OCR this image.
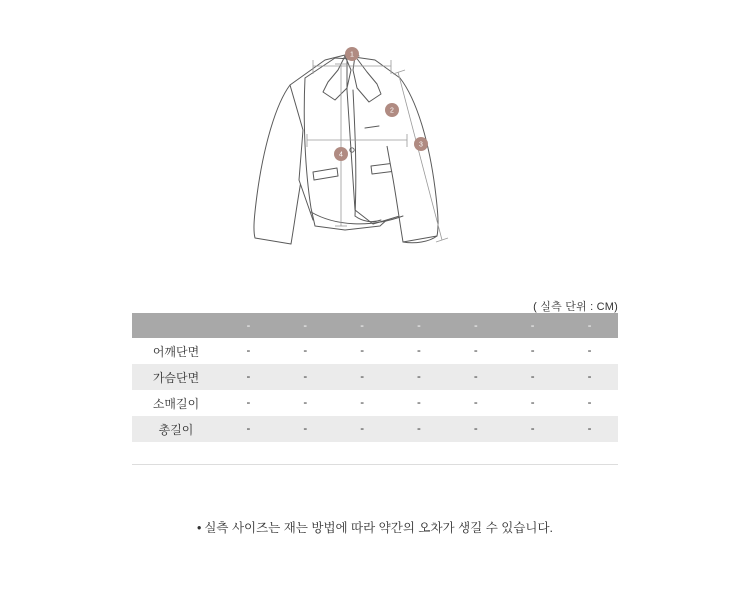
1
2
3
4
( 실측 단위 : CM)
	-	-	-	-	-	-	-
어깨단면	-	-	-	-	-	-	-
가슴단면	-	-	-	-	-	-	-
소매길이	-	-	-	-	-	-	-
총길이	-	-	-	-	-	-	-
• 실측 사이즈는 재는 방법에 따라 약간의 오차가 생길 수 있습니다.
